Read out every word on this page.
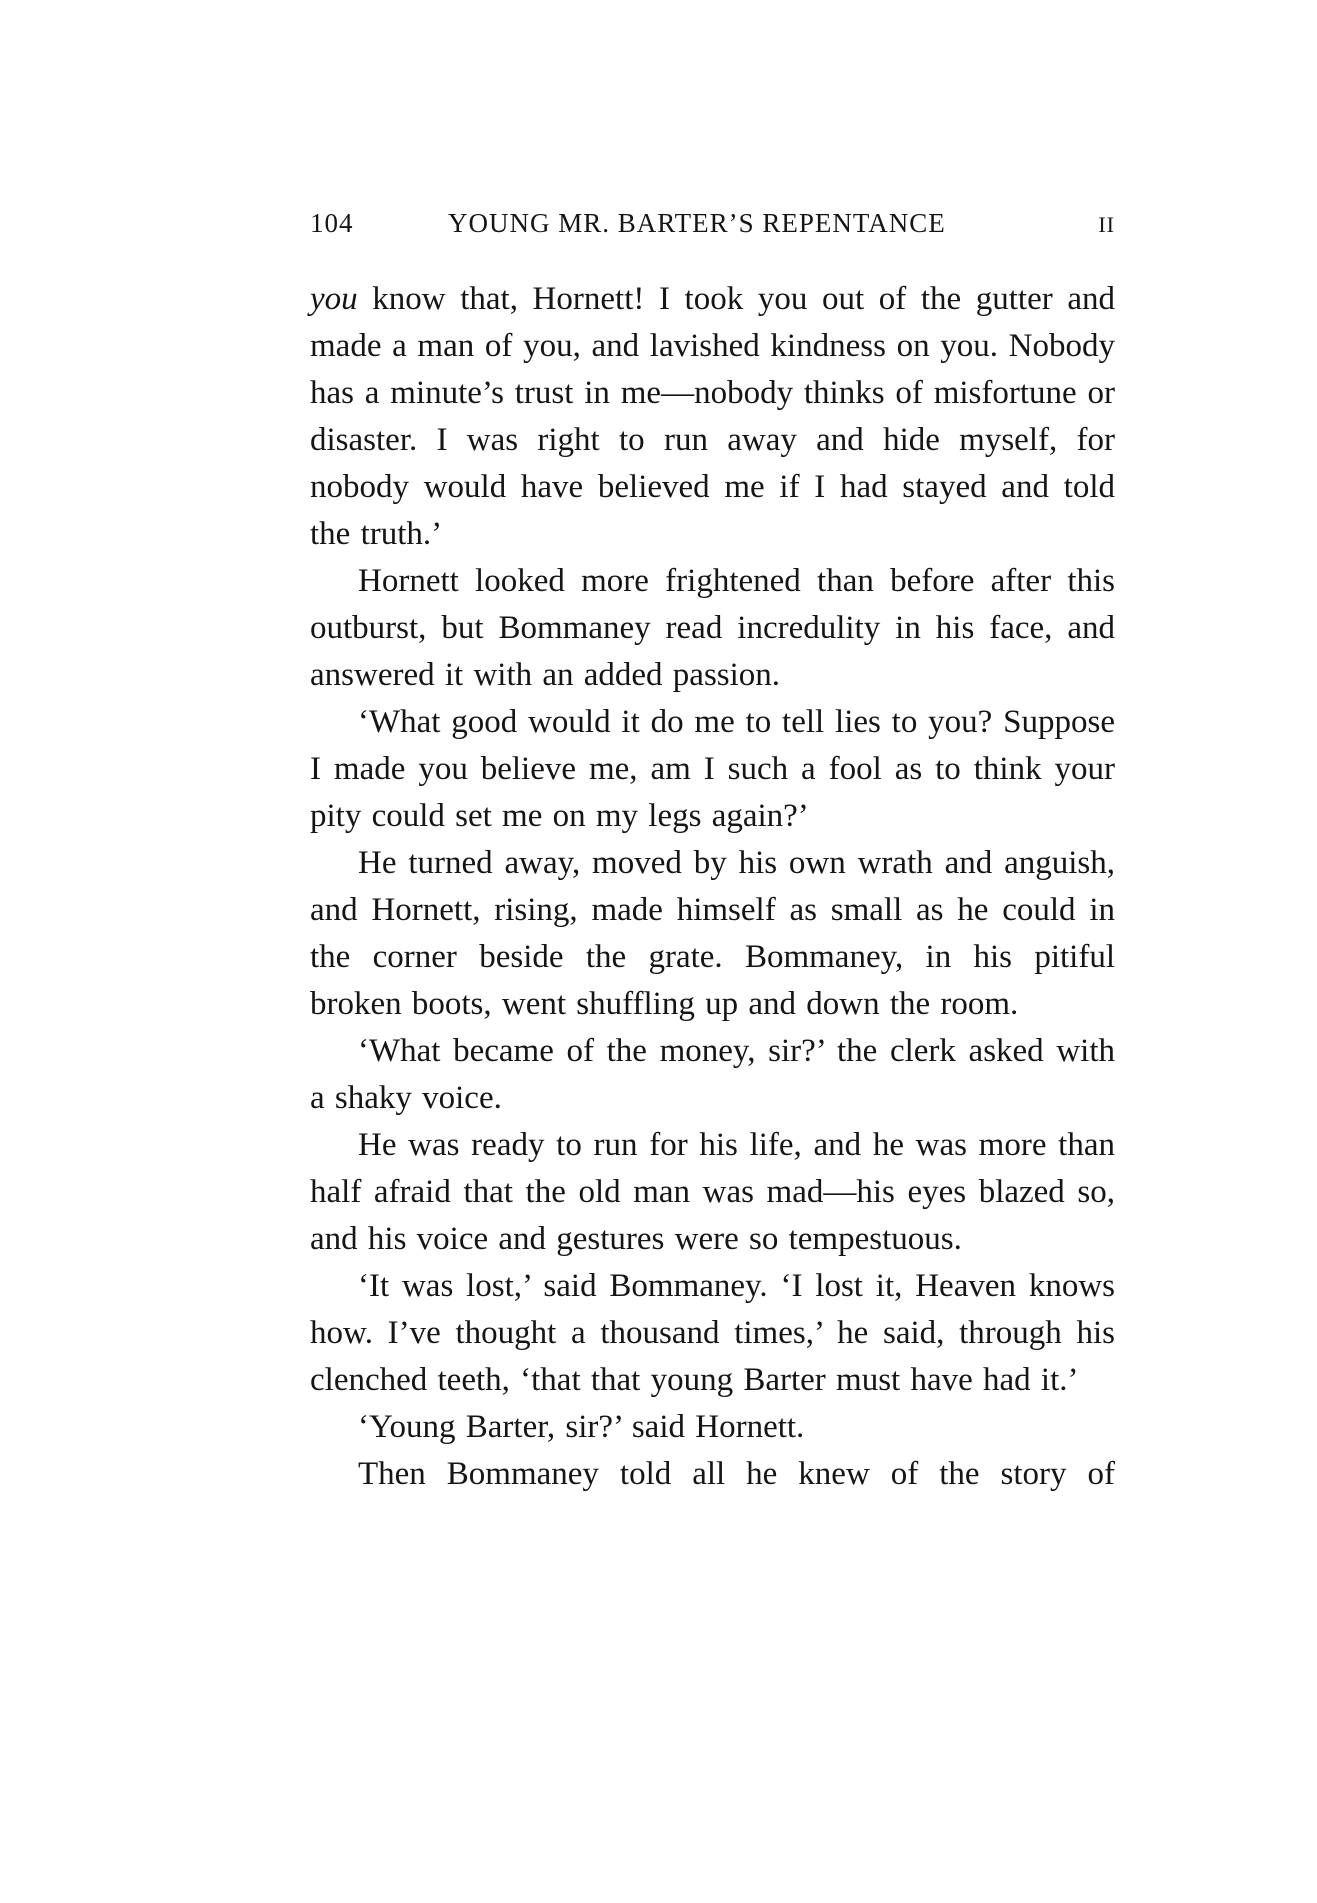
104	YOUNG MR. BARTER’S REPENTANCE	II

you know that, Hornett! I took you out of the gutter and made a man of you, and lavished kindness on you. Nobody has a minute’s trust in me—nobody thinks of misfortune or disaster. I was right to run away and hide myself, for nobody would have believed me if I had stayed and told the truth.’

Hornett looked more frightened than before after this outburst, but Bommaney read incredulity in his face, and answered it with an added passion.

‘What good would it do me to tell lies to you? Suppose I made you believe me, am I such a fool as to think your pity could set me on my legs again?’

He turned away, moved by his own wrath and anguish, and Hornett, rising, made himself as small as he could in the corner beside the grate. Bommaney, in his pitiful broken boots, went shuffling up and down the room.

‘What became of the money, sir?’ the clerk asked with a shaky voice.

He was ready to run for his life, and he was more than half afraid that the old man was mad—his eyes blazed so, and his voice and gestures were so tempestuous.

‘It was lost,’ said Bommaney. ‘I lost it, Heaven knows how. I’ve thought a thousand times,’ he said, through his clenched teeth, ‘that that young Barter must have had it.’

‘Young Barter, sir?’ said Hornett.

Then Bommaney told all he knew of the story of
